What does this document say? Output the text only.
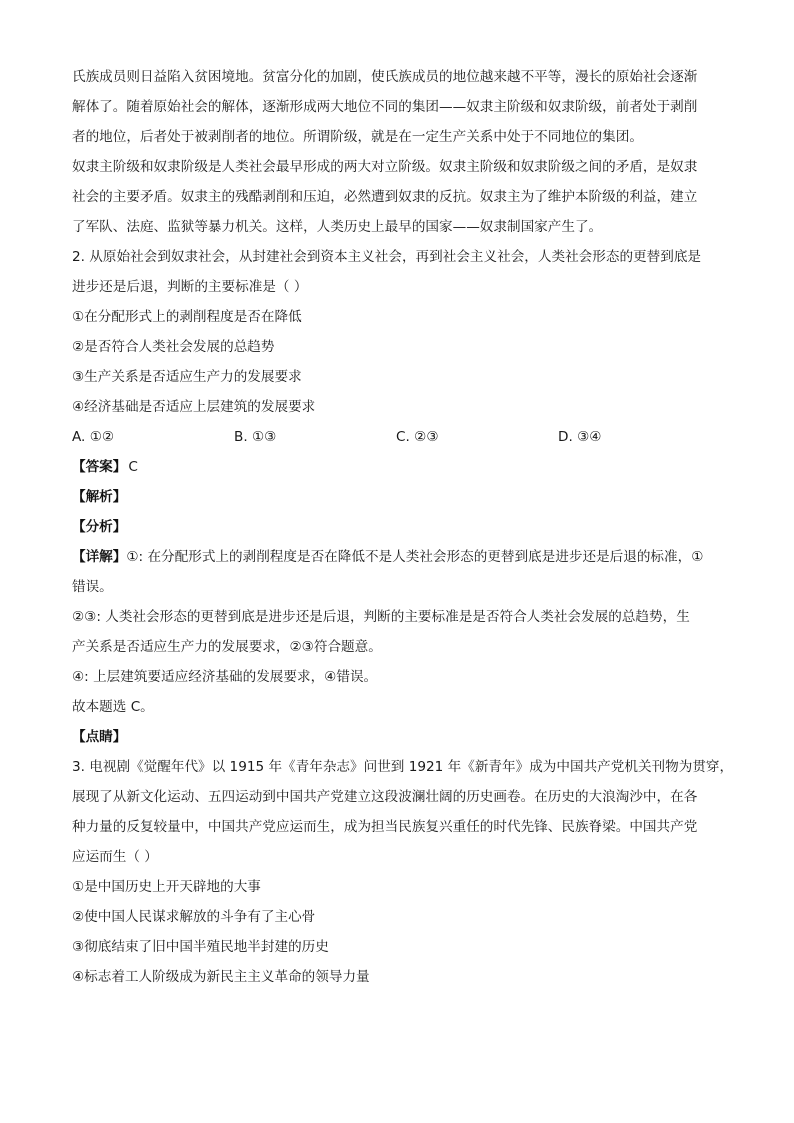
氏族成员则日益陷入贫困境地。贫富分化的加剧，使氏族成员的地位越来越不平等，漫长的原始社会逐渐
解体了。随着原始社会的解体，逐渐形成两大地位不同的集团——奴隶主阶级和奴隶阶级，前者处于剥削
者的地位，后者处于被剥削者的地位。所谓阶级，就是在一定生产关系中处于不同地位的集团。
奴隶主阶级和奴隶阶级是人类社会最早形成的两大对立阶级。奴隶主阶级和奴隶阶级之间的矛盾，是奴隶
社会的主要矛盾。奴隶主的残酷剥削和压迫，必然遭到奴隶的反抗。奴隶主为了维护本阶级的利益，建立
了军队、法庭、监狱等暴力机关。这样，人类历史上最早的国家——奴隶制国家产生了。
2. 从原始社会到奴隶社会，从封建社会到资本主义社会，再到社会主义社会，人类社会形态的更替到底是
进步还是后退，判断的主要标准是（ ）
①在分配形式上的剥削程度是否在降低
②是否符合人类社会发展的总趋势
③生产关系是否适应生产力的发展要求
④经济基础是否适应上层建筑的发展要求
A. ①②	B. ①③	C. ②③	D. ③④
【答案】 C
【解析】
【分析】
【详解】①: 在分配形式上的剥削程度是否在降低不是人类社会形态的更替到底是进步还是后退的标准，①
错误。
②③: 人类社会形态的更替到底是进步还是后退，判断的主要标准是是否符合人类社会发展的总趋势，生
产关系是否适应生产力的发展要求，②③符合题意。
④: 上层建筑要适应经济基础的发展要求，④错误。
故本题选 C。
【点睛】
3. 电视剧《觉醒年代》以 1915 年《青年杂志》问世到 1921 年《新青年》成为中国共产党机关刊物为贯穿，
展现了从新文化运动、五四运动到中国共产党建立这段波澜壮阔的历史画卷。在历史的大浪淘沙中，在各
种力量的反复较量中，中国共产党应运而生，成为担当民族复兴重任的时代先锋、民族脊梁。中国共产党
应运而生（ ）
①是中国历史上开天辟地的大事
②使中国人民谋求解放的斗争有了主心骨
③彻底结束了旧中国半殖民地半封建的历史
④标志着工人阶级成为新民主主义革命的领导力量
